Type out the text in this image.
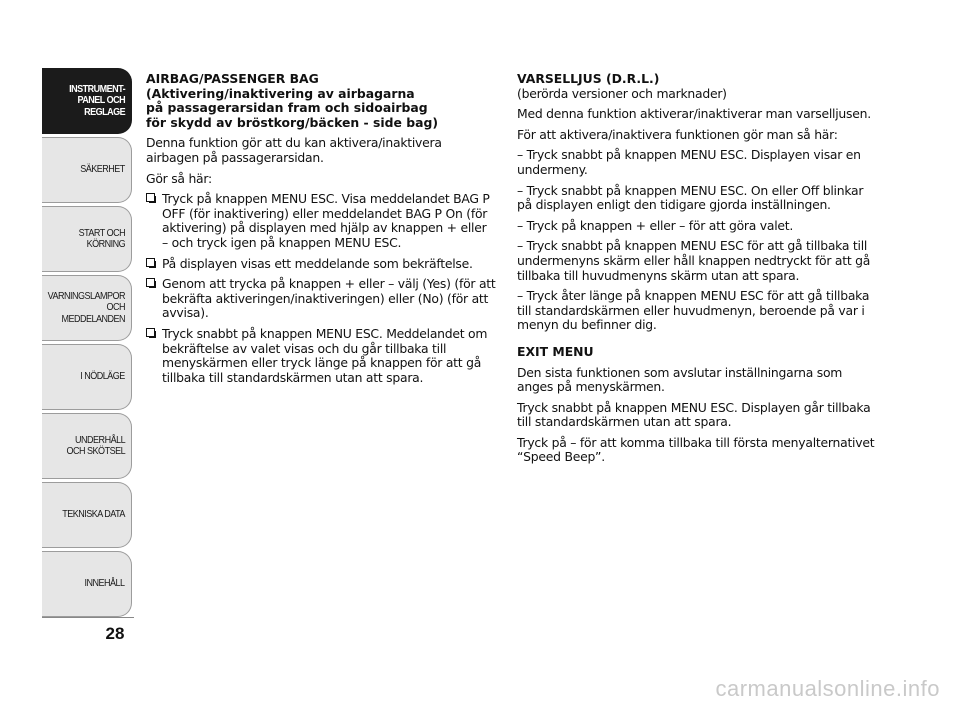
INSTRUMENT-
PANEL OCH
REGLAGE
SÄKERHET
START OCH
KÖRNING
VARNINGSLAMPOR
OCH
MEDDELANDEN
I NÖDLÄGE
UNDERHÅLL
OCH SKÖTSEL
TEKNISKA DATA
INNEHÅLL
28
AIRBAG/PASSENGER BAG
(Aktivering/inaktivering av airbagarna
på passagerarsidan fram och sidoairbag
för skydd av bröstkorg/bäcken - side bag)

Denna funktion gör att du kan aktivera/inaktivera airbagen på passagerarsidan.

Gör så här:

Tryck på knappen MENU ESC. Visa meddelandet BAG P OFF (för inaktivering) eller meddelandet BAG P On (för aktivering) på displayen med hjälp av knappen + eller – och tryck igen på knappen MENU ESC.
På displayen visas ett meddelande som bekräftelse.
Genom att trycka på knappen + eller – välj (Yes) (för att bekräfta aktiveringen/inaktiveringen) eller (No) (för att avvisa).
Tryck snabbt på knappen MENU ESC. Meddelandet om bekräftelse av valet visas och du går tillbaka till menyskärmen eller tryck länge på knappen för att gå tillbaka till standardskärmen utan att spara.
VARSELLJUS (D.R.L.)

(berörda versioner och marknader)

Med denna funktion aktiverar/inaktiverar man varselljusen.

För att aktivera/inaktivera funktionen gör man så här:

– Tryck snabbt på knappen MENU ESC. Displayen visar en undermeny.

– Tryck snabbt på knappen MENU ESC. On eller Off blinkar på displayen enligt den tidigare gjorda inställningen.

– Tryck på knappen + eller – för att göra valet.

– Tryck snabbt på knappen MENU ESC för att gå tillbaka till undermenyns skärm eller håll knappen nedtryckt för att gå tillbaka till huvudmenyns skärm utan att spara.

– Tryck åter länge på knappen MENU ESC för att gå tillbaka till standardskärmen eller huvudmenyn, beroende på var i menyn du befinner dig.

EXIT MENU

Den sista funktionen som avslutar inställningarna som anges på menyskärmen.

Tryck snabbt på knappen MENU ESC. Displayen går tillbaka till standardskärmen utan att spara.

Tryck på – för att komma tillbaka till första menyalternativet “Speed Beep”.

carmanualsonline.info
